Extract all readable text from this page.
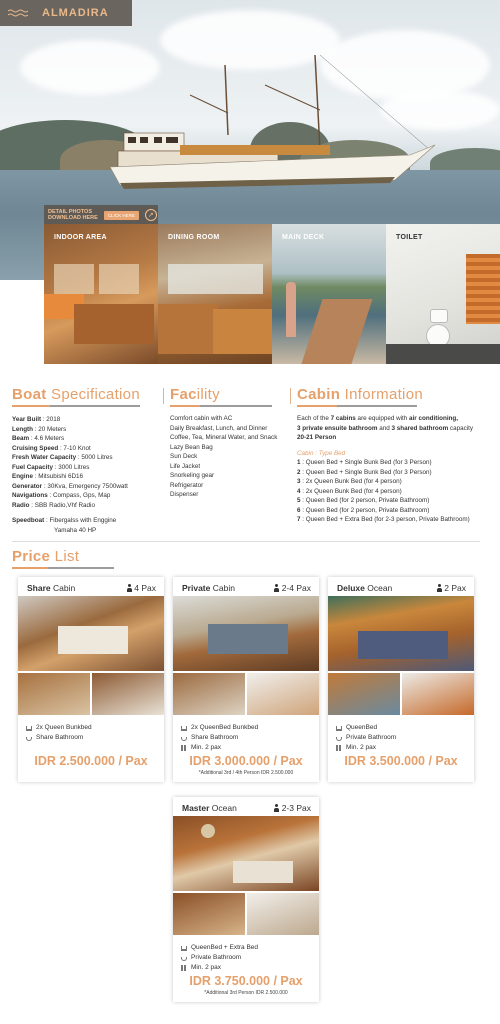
ALMADIRA
DETAIL PHOTOS
DOWNLOAD HERE	CLICK HERE	↗
INDOOR AREA	DINING ROOM	MAIN DECK	TOILET
Boat Specification Facility	Cabin Information
Year Built : 2018
Length : 20 Meters
Beam : 4.6 Meters
Cruising Speed : 7-10 Knot
Fresh Water Capacity : 5000 Litres
Fuel Capacity : 3000 Litres
Engine : Mitsubishi 6D16
Generator : 30Kva, Emergency 7500watt
Navigations : Compass, Gps, Map
Radio : SBB Radio,Vhf Radio
Speedboat : Fibergalss with Enggine
Yamaha 40 HP
Comfort cabin with AC
Daily Breakfast, Lunch, and Dinner
Coffee, Tea, Mineral Water, and Snack
Lazy Bean Bag
Sun Deck
Life Jacket
Snorkeling gear
Refrigerator
Dispenser
Each of the 7 cabins are equipped with air conditioning,
3 private ensuite bathroom and 3 shared bathroom capacity
20-21 Person
Cabin : Type Bed
1 : Queen Bed + Single Bunk Bed (for 3 Person)
2 : Queen Bed + Single Bunk Bed (for 3 Person)
3 : 2x Queen Bunk Bed (for 4 person)
4 : 2x Queen Bunk Bed (for 4 person)
5 : Queen Bed (for 2 person, Private Bathroom)
6 : Queen Bed (for 2 person, Private Bathroom)
7 : Queen Bed + Extra Bed (for 2-3 person, Private Bathroom)
Price List
Share Cabin	4 Pax
2x Queen Bunkbed
Share Bathroom
IDR 2.500.000 / Pax
Private Cabin	2-4 Pax
2x QueenBed Bunkbed
Share Bathroom
Min. 2 pax
IDR 3.000.000 / Pax
*Additional 3rd / 4th Person IDR 2.500.000
Deluxe Ocean	2 Pax
QueenBed
Private Bathroom
Min. 2 pax
IDR 3.500.000 / Pax
Master Ocean	2-3 Pax
QueenBed + Extra Bed
Private Bathroom
Min. 2 pax
IDR 3.750.000 / Pax
*Additional 3rd Person IDR 2.500.000
